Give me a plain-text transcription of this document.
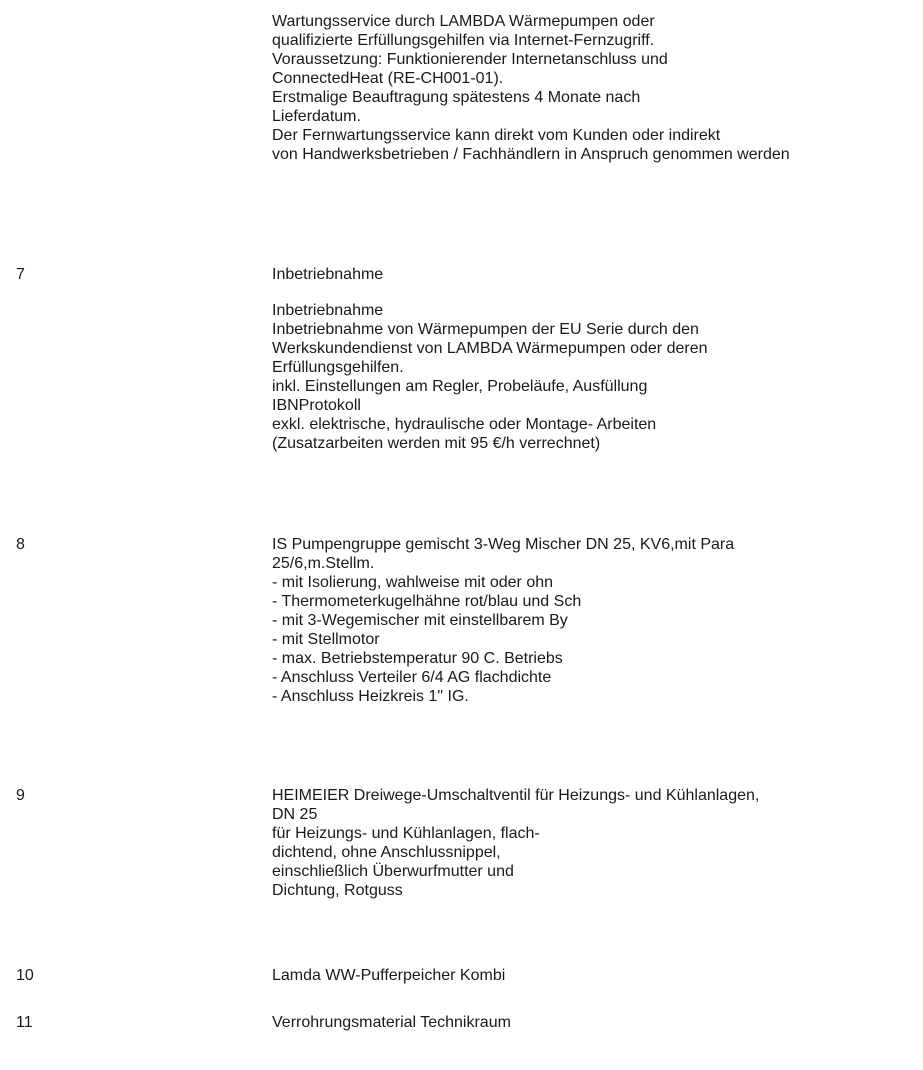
Wartungsservice durch LAMBDA Wärmepumpen oder
qualifizierte Erfüllungsgehilfen via Internet-Fernzugriff.
Voraussetzung: Funktionierender Internetanschluss und
ConnectedHeat (RE-CH001-01).
Erstmalige Beauftragung spätestens 4 Monate nach
Lieferdatum.
Der Fernwartungsservice kann direkt vom Kunden oder indirekt
von Handwerksbetrieben / Fachhändlern in Anspruch genommen werden
7	Inbetriebnahme
Inbetriebnahme
Inbetriebnahme von Wärmepumpen der EU Serie durch den
Werkskundendienst von LAMBDA Wärmepumpen oder deren
Erfüllungsgehilfen.
inkl. Einstellungen am Regler, Probeläufe, Ausfüllung
IBNProtokoll
exkl. elektrische, hydraulische oder Montage- Arbeiten
(Zusatzarbeiten werden mit 95 €/h verrechnet)
8	IS Pumpengruppe gemischt 3-Weg Mischer DN 25, KV6,mit Para
25/6,m.Stellm.
- mit Isolierung, wahlweise mit oder ohn
- Thermometerkugelhähne rot/blau und Sch
- mit 3-Wegemischer mit einstellbarem By
- mit Stellmotor
- max. Betriebstemperatur 90 C. Betriebs
- Anschluss Verteiler 6/4 AG flachdichte
- Anschluss Heizkreis 1" IG.
9	HEIMEIER Dreiwege-Umschaltventil für Heizungs- und Kühlanlagen,
DN 25
für Heizungs- und Kühlanlagen, flach-
dichtend, ohne Anschlussnippel,
einschließlich Überwurfmutter und
Dichtung, Rotguss
10	Lamda WW-Pufferpeicher Kombi
11	Verrohrungsmaterial Technikraum
